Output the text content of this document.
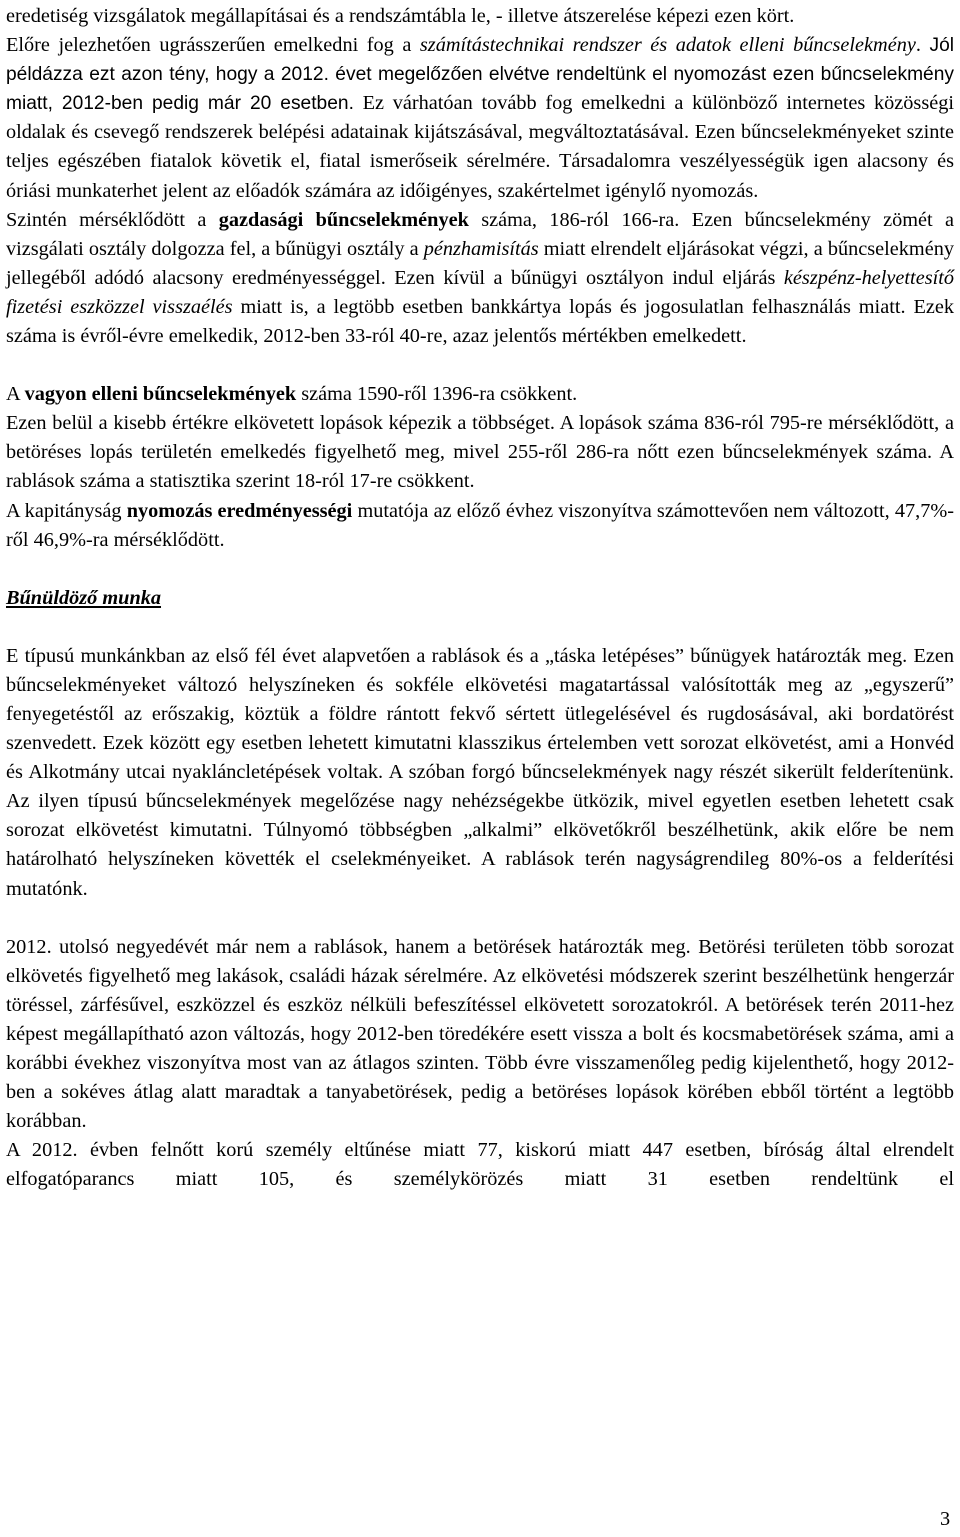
eredetiség vizsgálatok megállapításai és a rendszámtábla le, - illetve átszerelése képezi ezen kört.

Előre jelezhetően ugrásszerűen emelkedni fog a számítástechnikai rendszer és adatok elleni bűncselekmény. Jól példázza ezt azon tény, hogy a 2012. évet megelőzően elvétve rendeltünk el nyomozást ezen bűncselekmény miatt, 2012-ben pedig már 20 esetben. Ez várhatóan tovább fog emelkedni a különböző internetes közösségi oldalak és csevegő rendszerek belépési adatainak kijátszásával, megváltoztatásával. Ezen bűncselekményeket szinte teljes egészében fiatalok követik el, fiatal ismerőseik sérelmére. Társadalomra veszélyességük igen alacsony és óriási munkaterhet jelent az előadók számára az időigényes, szakértelmet igénylő nyomozás.

Szintén mérséklődött a gazdasági bűncselekmények száma, 186-ról 166-ra. Ezen bűncselekmény zömét a vizsgálati osztály dolgozza fel, a bűnügyi osztály a pénzhamisítás miatt elrendelt eljárásokat végzi, a bűncselekmény jellegéből adódó alacsony eredményességgel. Ezen kívül a bűnügyi osztályon indul eljárás készpénz-helyettesítő fizetési eszközzel visszaélés miatt is, a legtöbb esetben bankkártya lopás és jogosulatlan felhasználás miatt. Ezek száma is évről-évre emelkedik, 2012-ben 33-ról 40-re, azaz jelentős mértékben emelkedett.

A vagyon elleni bűncselekmények száma 1590-ről 1396-ra csökkent.

Ezen belül a kisebb értékre elkövetett lopások képezik a többséget. A lopások száma 836-ról 795-re mérséklődött, a betöréses lopás területén emelkedés figyelhető meg, mivel 255-ről 286-ra nőtt ezen bűncselekmények száma. A rablások száma a statisztika szerint 18-ról 17-re csökkent.

A kapitányság nyomozás eredményességi mutatója az előző évhez viszonyítva számottevően nem változott, 47,7%-ről 46,9%-ra mérséklődött.

Bűnüldöző munka

E típusú munkánkban az első fél évet alapvetően a rablások és a „táska letépéses” bűnügyek határozták meg. Ezen bűncselekményeket változó helyszíneken és sokféle elkövetési magatartással valósították meg az „egyszerű” fenyegetéstől az erőszakig, köztük a földre rántott fekvő sértett ütlegelésével és rugdosásával, aki bordatörést szenvedett. Ezek között egy esetben lehetett kimutatni klasszikus értelemben vett sorozat elkövetést, ami a Honvéd és Alkotmány utcai nyakláncletépések voltak. A szóban forgó bűncselekmények nagy részét sikerült felderítenünk. Az ilyen típusú bűncselekmények megelőzése nagy nehézségekbe ütközik, mivel egyetlen esetben lehetett csak sorozat elkövetést kimutatni. Túlnyomó többségben „alkalmi” elkövetőkről beszélhetünk, akik előre be nem határolható helyszíneken követték el cselekményeiket. A rablások terén nagyságrendileg 80%-os a felderítési mutatónk.

2012. utolsó negyedévét már nem a rablások, hanem a betörések határozták meg. Betörési területen több sorozat elkövetés figyelhető meg lakások, családi házak sérelmére. Az elkövetési módszerek szerint beszélhetünk hengerzár töréssel, zárfésűvel, eszközzel és eszköz nélküli befeszítéssel elkövetett sorozatokról. A betörések terén 2011-hez képest megállapítható azon változás, hogy 2012-ben töredékére esett vissza a bolt és kocsmabetörések száma, ami a korábbi évekhez viszonyítva most van az átlagos szinten. Több évre visszamenőleg pedig kijelenthető, hogy 2012-ben a sokéves átlag alatt maradtak a tanyabetörések, pedig a betöréses lopások körében ebből történt a legtöbb korábban.

A 2012. évben felnőtt korú személy eltűnése miatt 77, kiskorú miatt 447 esetben, bíróság által elrendelt elfogatóparancs miatt 105, és személykörözés miatt 31 esetben rendeltünk el

3
